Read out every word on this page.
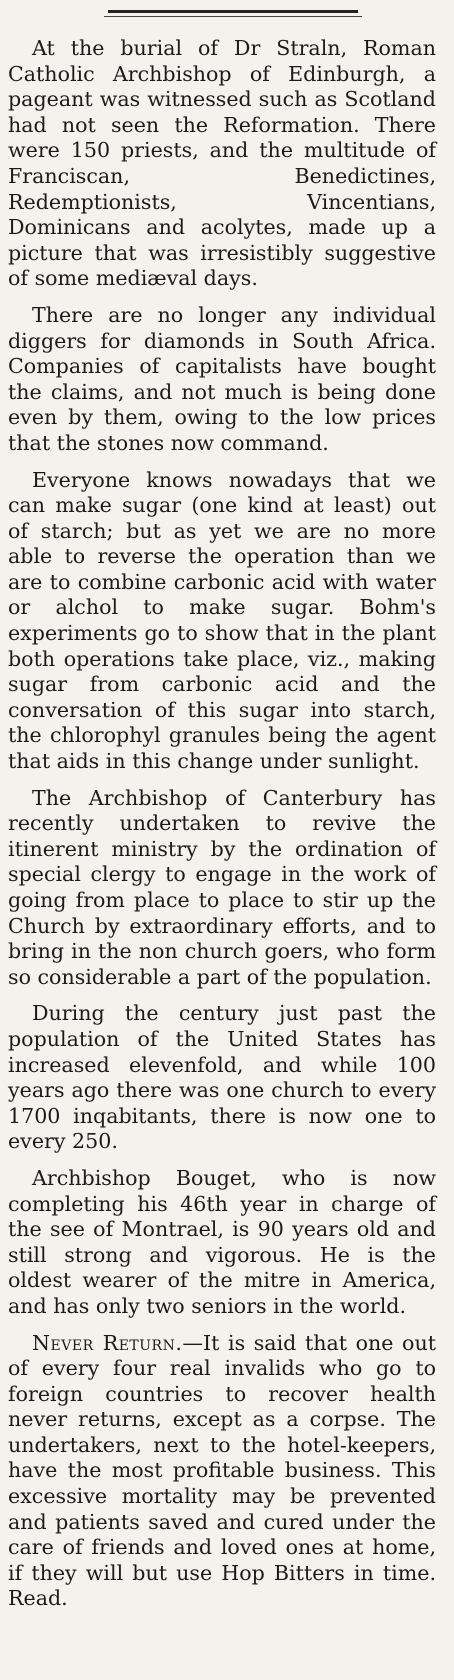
At the burial of Dr Straln, Roman Catholic Archbishop of Edinburgh, a pageant was witnessed such as Scotland had not seen the Reformation. There were 150 priests, and the multitude of Franciscan, Benedictines, Redemptionists, Vincentians, Dominicans and acolytes, made up a picture that was irresistibly suggestive of some mediæval days.

There are no longer any individual diggers for diamonds in South Africa. Companies of capitalists have bought the claims, and not much is being done even by them, owing to the low prices that the stones now command.

Everyone knows nowadays that we can make sugar (one kind at least) out of starch; but as yet we are no more able to reverse the operation than we are to combine carbonic acid with water or alchol to make sugar. Bohm's experiments go to show that in the plant both operations take place, viz., making sugar from carbonic acid and the conversation of this sugar into starch, the chlorophyl granules being the agent that aids in this change under sunlight.

The Archbishop of Canterbury has recently undertaken to revive the itinerent ministry by the ordination of special clergy to engage in the work of going from place to place to stir up the Church by extraordinary efforts, and to bring in the non church goers, who form so considerable a part of the population.

During the century just past the population of the United States has increased elevenfold, and while 100 years ago there was one church to every 1700 inqabitants, there is now one to every 250.

Archbishop Bouget, who is now completing his 46th year in charge of the see of Montrael, is 90 years old and still strong and vigorous. He is the oldest wearer of the mitre in America, and has only two seniors in the world.

Never Return.—It is said that one out of every four real invalids who go to foreign countries to recover health never returns, except as a corpse. The undertakers, next to the hotel-keepers, have the most profitable business. This excessive mortality may be prevented and patients saved and cured under the care of friends and loved ones at home, if they will but use Hop Bitters in time. Read.
